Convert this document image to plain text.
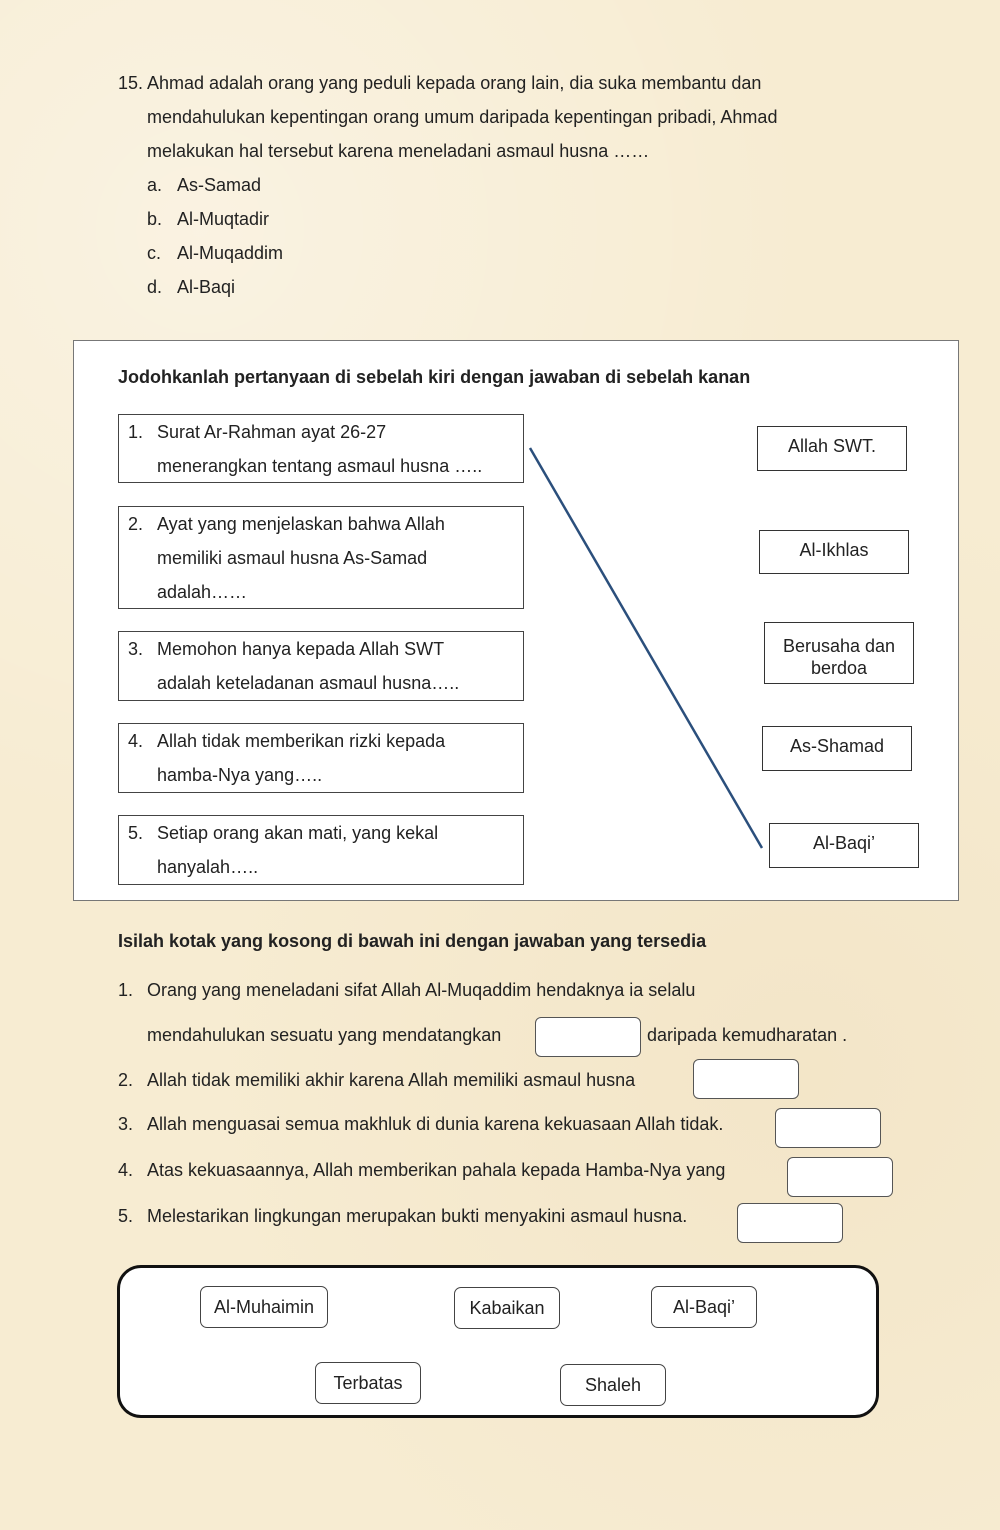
15. Ahmad adalah orang yang peduli kepada orang lain, dia suka membantu dan
mendahulukan kepentingan orang umum daripada kepentingan pribadi, Ahmad
melakukan hal tersebut karena meneladani asmaul husna ……
a. As-Samad
b. Al-Muqtadir
c. Al-Muqaddim
d. Al-Baqi
Jodohkanlah pertanyaan di sebelah kiri dengan jawaban di sebelah kanan
1. Surat Ar-Rahman ayat 26-27
menerangkan tentang asmaul husna …..
2. Ayat yang menjelaskan bahwa Allah
memiliki asmaul husna As-Samad
adalah……
3. Memohon hanya kepada Allah SWT
adalah keteladanan asmaul husna…..
4. Allah tidak memberikan rizki kepada
hamba-Nya yang…..
5. Setiap orang akan mati, yang kekal
hanyalah…..
Allah SWT.
Al-Ikhlas
Berusaha dan
berdoa
As-Shamad
Al-Baqi’
Isilah kotak yang kosong di bawah ini dengan jawaban yang tersedia
1. Orang yang meneladani sifat Allah Al-Muqaddim hendaknya ia selalu
mendahulukan sesuatu yang mendatangkan	daripada kemudharatan .
2. Allah tidak memiliki akhir karena Allah memiliki asmaul husna
3. Allah menguasai semua makhluk di dunia karena kekuasaan Allah tidak.
4. Atas kekuasaannya, Allah memberikan pahala kepada Hamba-Nya yang
5. Melestarikan lingkungan merupakan bukti menyakini asmaul husna.
Al-Muhaimin	Kabaikan	Al-Baqi’
Terbatas	Shaleh
